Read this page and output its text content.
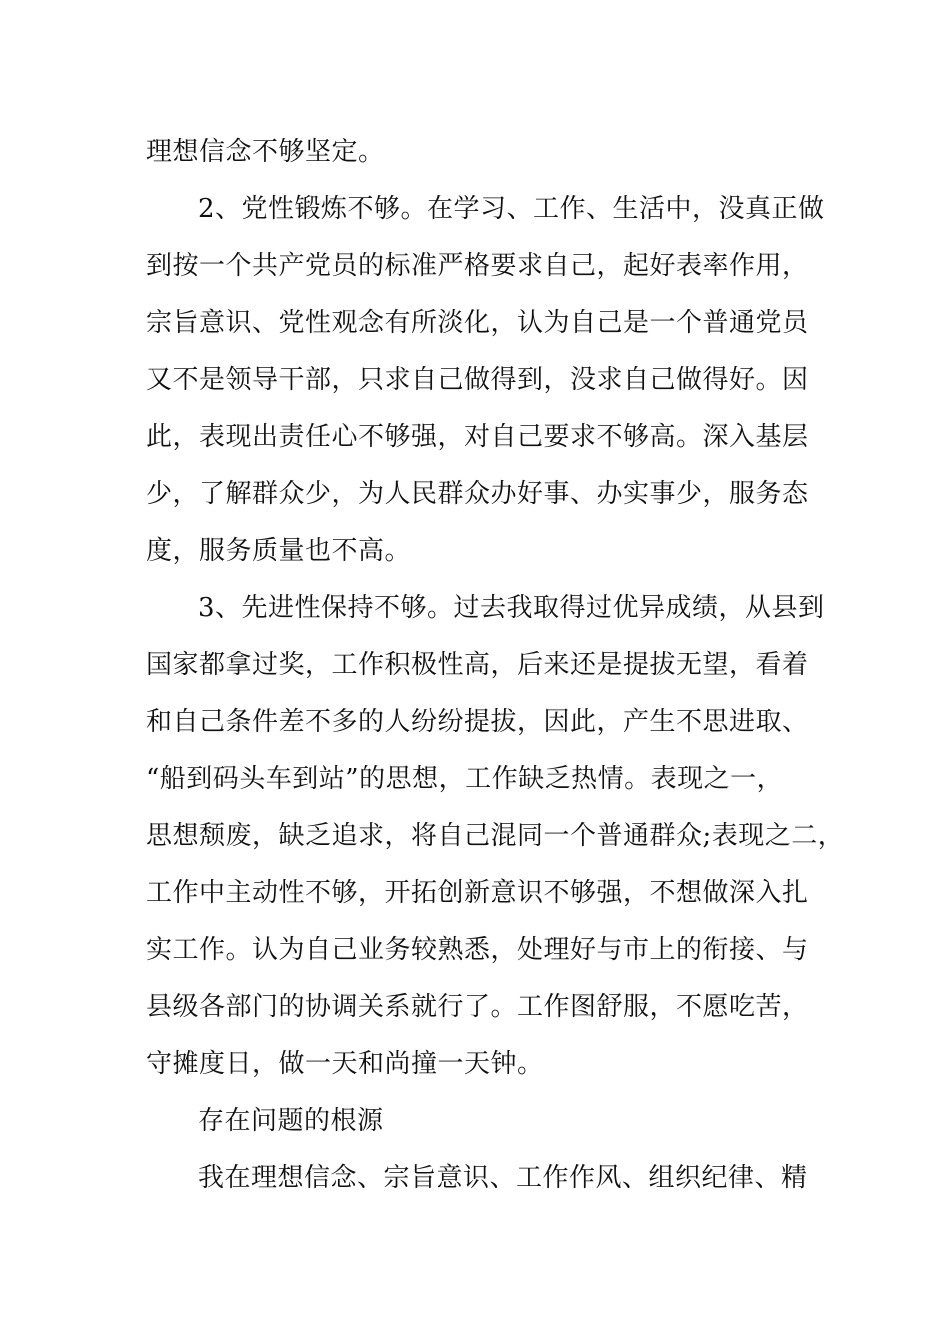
理想信念不够坚定。
2、党性锻炼不够。在学习、工作、生活中，没真正做
到按一个共产党员的标准严格要求自己，起好表率作用，
宗旨意识、党性观念有所淡化，认为自己是一个普通党员
又不是领导干部，只求自己做得到，没求自己做得好。因
此，表现出责任心不够强，对自己要求不够高。深入基层
少，了解群众少，为人民群众办好事、办实事少，服务态
度，服务质量也不高。
3、先进性保持不够。过去我取得过优异成绩，从县到
国家都拿过奖，工作积极性高，后来还是提拔无望，看着
和自己条件差不多的人纷纷提拔，因此，产生不思进取、
“船到码头车到站”的思想，工作缺乏热情。表现之一，
思想颓废，缺乏追求，将自己混同一个普通群众;表现之二，
工作中主动性不够，开拓创新意识不够强，不想做深入扎
实工作。认为自己业务较熟悉，处理好与市上的衔接、与
县级各部门的协调关系就行了。工作图舒服，不愿吃苦，
守摊度日，做一天和尚撞一天钟。
存在问题的根源
我在理想信念、宗旨意识、工作作风、组织纪律、精
